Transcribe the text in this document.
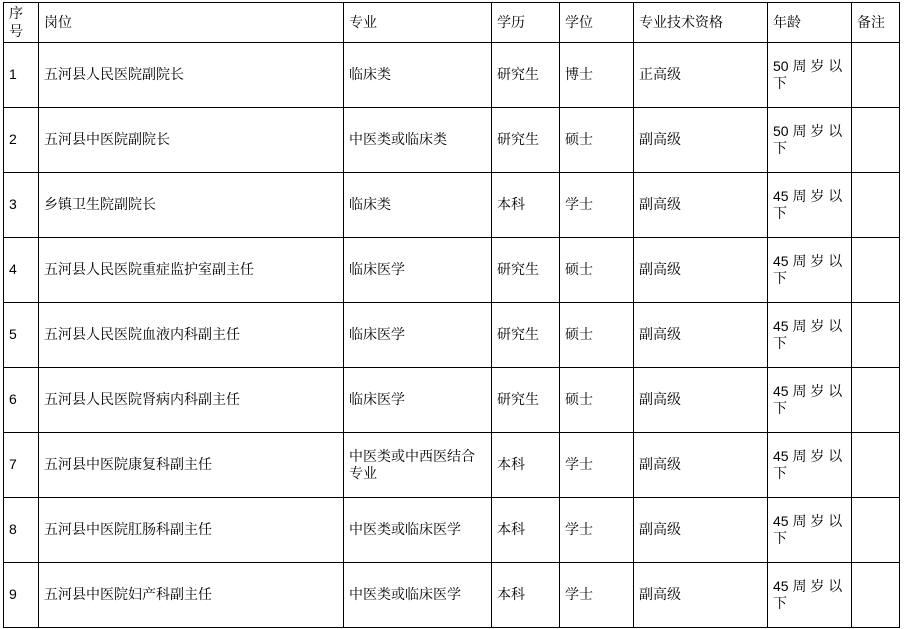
序号	岗位	专业	学历	学位	专业技术资格	年龄	备注
1	五河县人民医院副院长	临床类	研究生	博士	正高级	50 周 岁 以 下	
2	五河县中医院副院长	中医类或临床类	研究生	硕士	副高级	50 周 岁 以 下	
3	乡镇卫生院副院长	临床类	本科	学士	副高级	45 周 岁 以 下	
4	五河县人民医院重症监护室副主任	临床医学	研究生	硕士	副高级	45 周 岁 以 下	
5	五河县人民医院血液内科副主任	临床医学	研究生	硕士	副高级	45 周 岁 以 下	
6	五河县人民医院肾病内科副主任	临床医学	研究生	硕士	副高级	45 周 岁 以 下	
7	五河县中医院康复科副主任	中医类或中西医结合专业	本科	学士	副高级	45 周 岁 以 下	
8	五河县中医院肛肠科副主任	中医类或临床医学	本科	学士	副高级	45 周 岁 以 下	
9	五河县中医院妇产科副主任	中医类或临床医学	本科	学士	副高级	45 周 岁 以 下	
